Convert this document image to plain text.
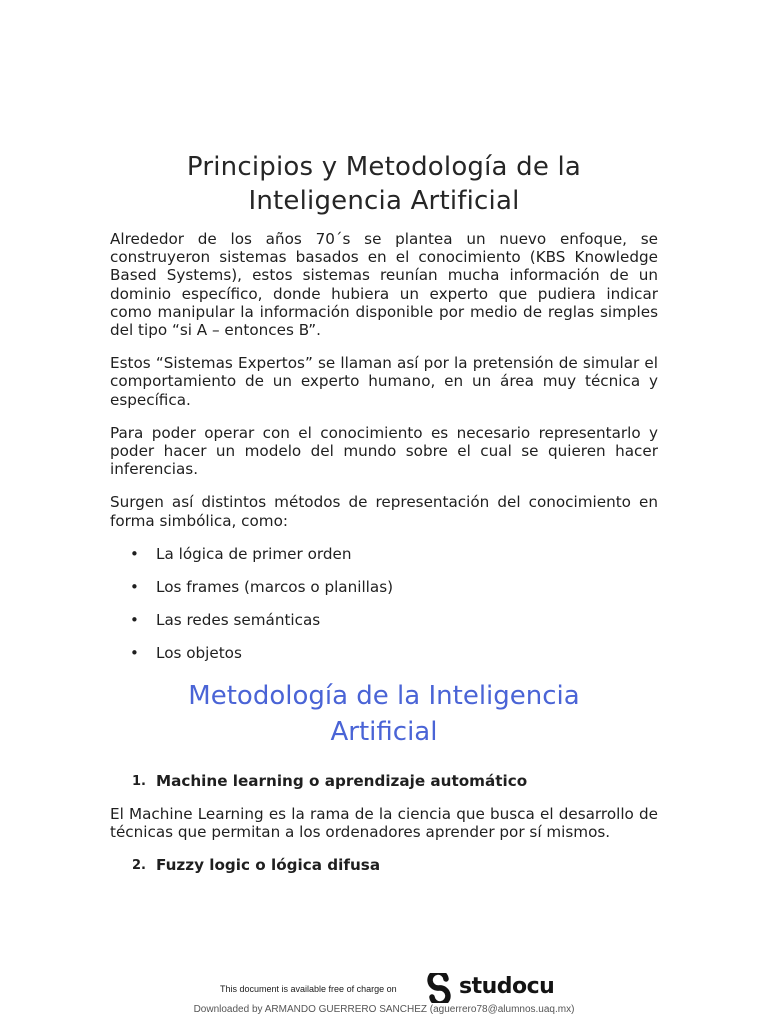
Principios y Metodología de la
Inteligencia Artificial

Alrededor de los años 70´s se plantea un nuevo enfoque, se construyeron sistemas basados en el conocimiento (KBS Knowledge Based Systems), estos sistemas reunían mucha información de un dominio específico, donde hubiera un experto que pudiera indicar como manipular la información disponible por medio de reglas simples del tipo “si A – entonces B”.

Estos “Sistemas Expertos” se llaman así por la pretensión de simular el comportamiento de un experto humano, en un área muy técnica y específica.

Para poder operar con el conocimiento es necesario representarlo y poder hacer un modelo del mundo sobre el cual se quieren hacer inferencias.

Surgen así distintos métodos de representación del conocimiento en forma simbólica, como:

• La lógica de primer orden
• Los frames (marcos o planillas)
• Las redes semánticas
• Los objetos
Metodología de la Inteligencia
Artificial
1. Machine learning o aprendizaje automático

El Machine Learning es la rama de la ciencia que busca el desarrollo de técnicas que permitan a los ordenadores aprender por sí mismos.

2. Fuzzy logic o lógica difusa
This document is available free of charge on	studocu
Downloaded by ARMANDO GUERRERO SANCHEZ (aguerrero78@alumnos.uaq.mx)
